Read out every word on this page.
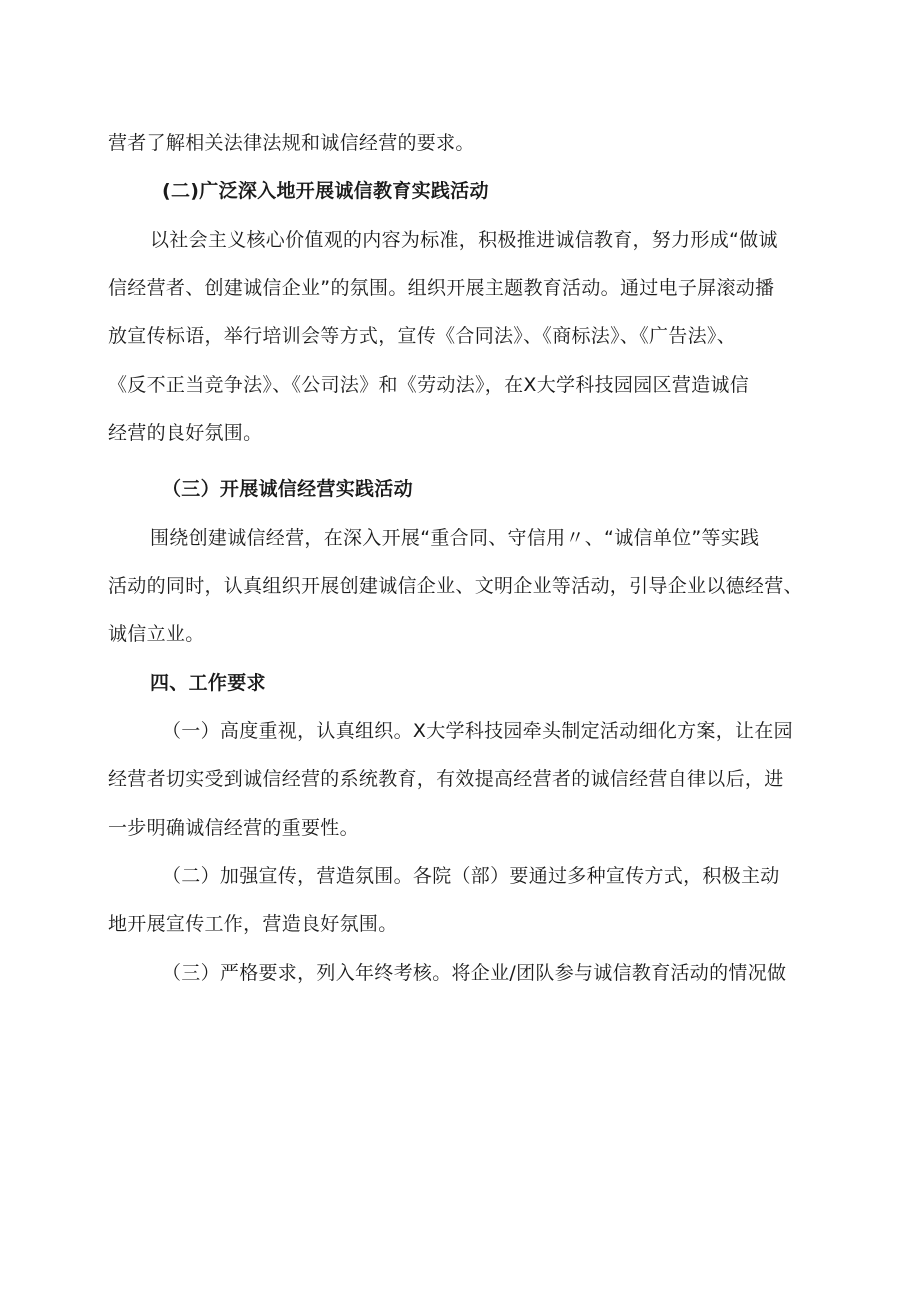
营者了解相关法律法规和诚信经营的要求。
(二)广泛深入地开展诚信教育实践活动
以社会主义核心价值观的内容为标准，积极推进诚信教育，努力形成“做诚
信经营者、创建诚信企业”的氛围。组织开展主题教育活动。通过电子屏滚动播
放宣传标语，举行培训会等方式，宣传《合同法》、《商标法》、《广告法》、
《反不正当竞争法》、《公司法》和《劳动法》，在X大学科技园园区营造诚信
经营的良好氛围。
（三）开展诚信经营实践活动
围绕创建诚信经营，在深入开展“重合同、守信用〃、“诚信单位”等实践
活动的同时，认真组织开展创建诚信企业、文明企业等活动，引导企业以德经营、
诚信立业。
四、工作要求
（一）高度重视，认真组织。X大学科技园牵头制定活动细化方案，让在园
经营者切实受到诚信经营的系统教育，有效提高经营者的诚信经营自律以后，进
一步明确诚信经营的重要性。
（二）加强宣传，营造氛围。各院（部）要通过多种宣传方式，积极主动
地开展宣传工作，营造良好氛围。
（三）严格要求，列入年终考核。将企业/团队参与诚信教育活动的情况做
